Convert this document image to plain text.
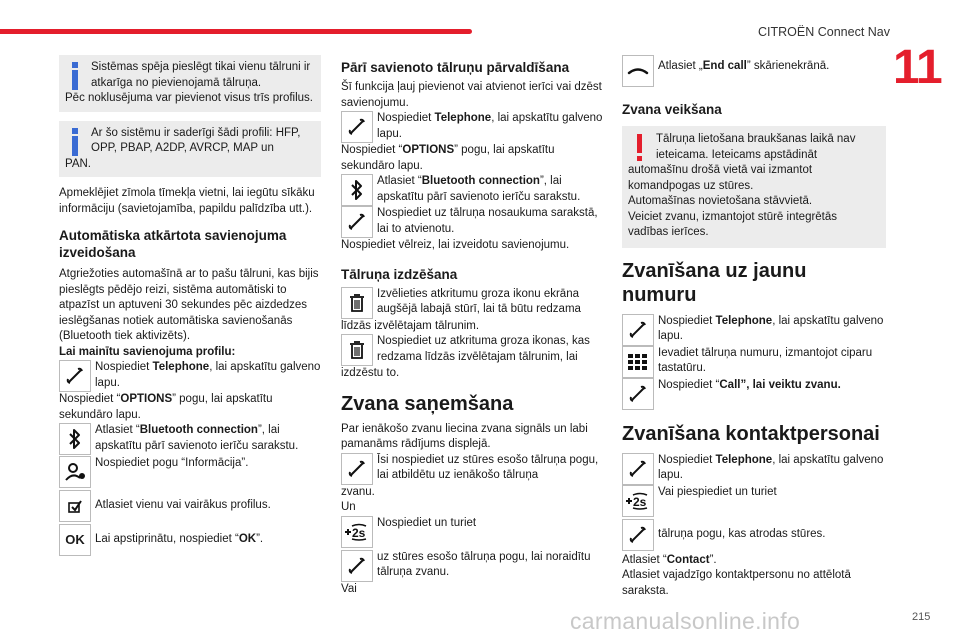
CITROËN Connect Nav
11
carmanualsonline.info	215

Sistēmas spēja pieslēgt tikai vienu tālruni ir atkarīga no pievienojamā tālruņa.

Pēc noklusējuma var pievienot visus trīs profilus.

Ar šo sistēmu ir saderīgi šādi profili: HFP, OPP, PBAP, A2DP, AVRCP, MAP un

PAN.

Apmeklējiet zīmola tīmekļa vietni, lai iegūtu sīkāku informāciju (savietojamība, papildu palīdzība utt.).

Automātiska atkārtota savienojuma izveidošana

Atgriežoties automašīnā ar to pašu tālruni, kas bijis pieslēgts pēdējo reizi, sistēma automātiski to atpazīst un aptuveni 30 sekundes pēc aizdedzes ieslēgšanas notiek automātiska savienošanās (Bluetooth tiek aktivizēts).

Lai mainītu savienojuma profilu:

Nospiediet Telephone, lai apskatītu galveno lapu.

Nospiediet “OPTIONS” pogu, lai apskatītu sekundāro lapu.

Atlasiet “Bluetooth connection”, lai apskatītu pārī savienoto ierīču sarakstu.
Nospiediet pogu “Informācija”.
Atlasiet vienu vai vairākus profilus.
OK Lai apstiprinātu, nospiediet “OK”.

Pārī savienoto tālruņu pārvaldīšana

Šī funkcija ļauj pievienot vai atvienot ierīci vai dzēst savienojumu.

Nospiediet Telephone, lai apskatītu galveno lapu.

Nospiediet “OPTIONS” pogu, lai apskatītu sekundāro lapu.

Atlasiet “Bluetooth connection”, lai apskatītu pārī savienoto ierīču sarakstu.
Nospiediet uz tālruņa nosaukuma sarakstā, lai to atvienotu.

Nospiediet vēlreiz, lai izveidotu savienojumu.

Tālruņa izdzēšana

Izvēlieties atkritumu groza ikonu ekrāna augšējā labajā stūrī, lai tā būtu redzama

līdzās izvēlētajam tālrunim.

Nospiediet uz atkrituma groza ikonas, kas redzama līdzās izvēlētajam tālrunim, lai

izdzēstu to.

Zvana saņemšana

Par ienākošo zvanu liecina zvana signāls un labi pamanāms rādījums displejā.

Īsi nospiediet uz stūres esošo tālruņa pogu, lai atbildētu uz ienākošo tālruņa

zvanu.

Un

2s
Nospiediet un turiet
uz stūres esošo tālruņa pogu, lai noraidītu tālruņa zvanu.

Vai

Atlasiet „End call” skārienekrānā.

Zvana veikšana

Tālruņa lietošana braukšanas laikā nav ieteicama. Ieteicams apstādināt

automašīnu drošā vietā vai izmantot komandpogas uz stūres.

Automašīnas novietošana stāvvietā.

Veiciet zvanu, izmantojot stūrē integrētās vadības ierīces.

Zvanīšana uz jaunu numuru

Nospiediet Telephone, lai apskatītu galveno lapu.
Ievadiet tālruņa numuru, izmantojot ciparu tastatūru.
Nospiediet “Call”, lai veiktu zvanu.

Zvanīšana kontaktpersonai

Nospiediet Telephone, lai apskatītu galveno lapu.
2s
Vai piespiediet un turiet
tālruņa pogu, kas atrodas stūres.

Atlasiet “Contact”.

Atlasiet vajadzīgo kontaktpersonu no attēlotā saraksta.
